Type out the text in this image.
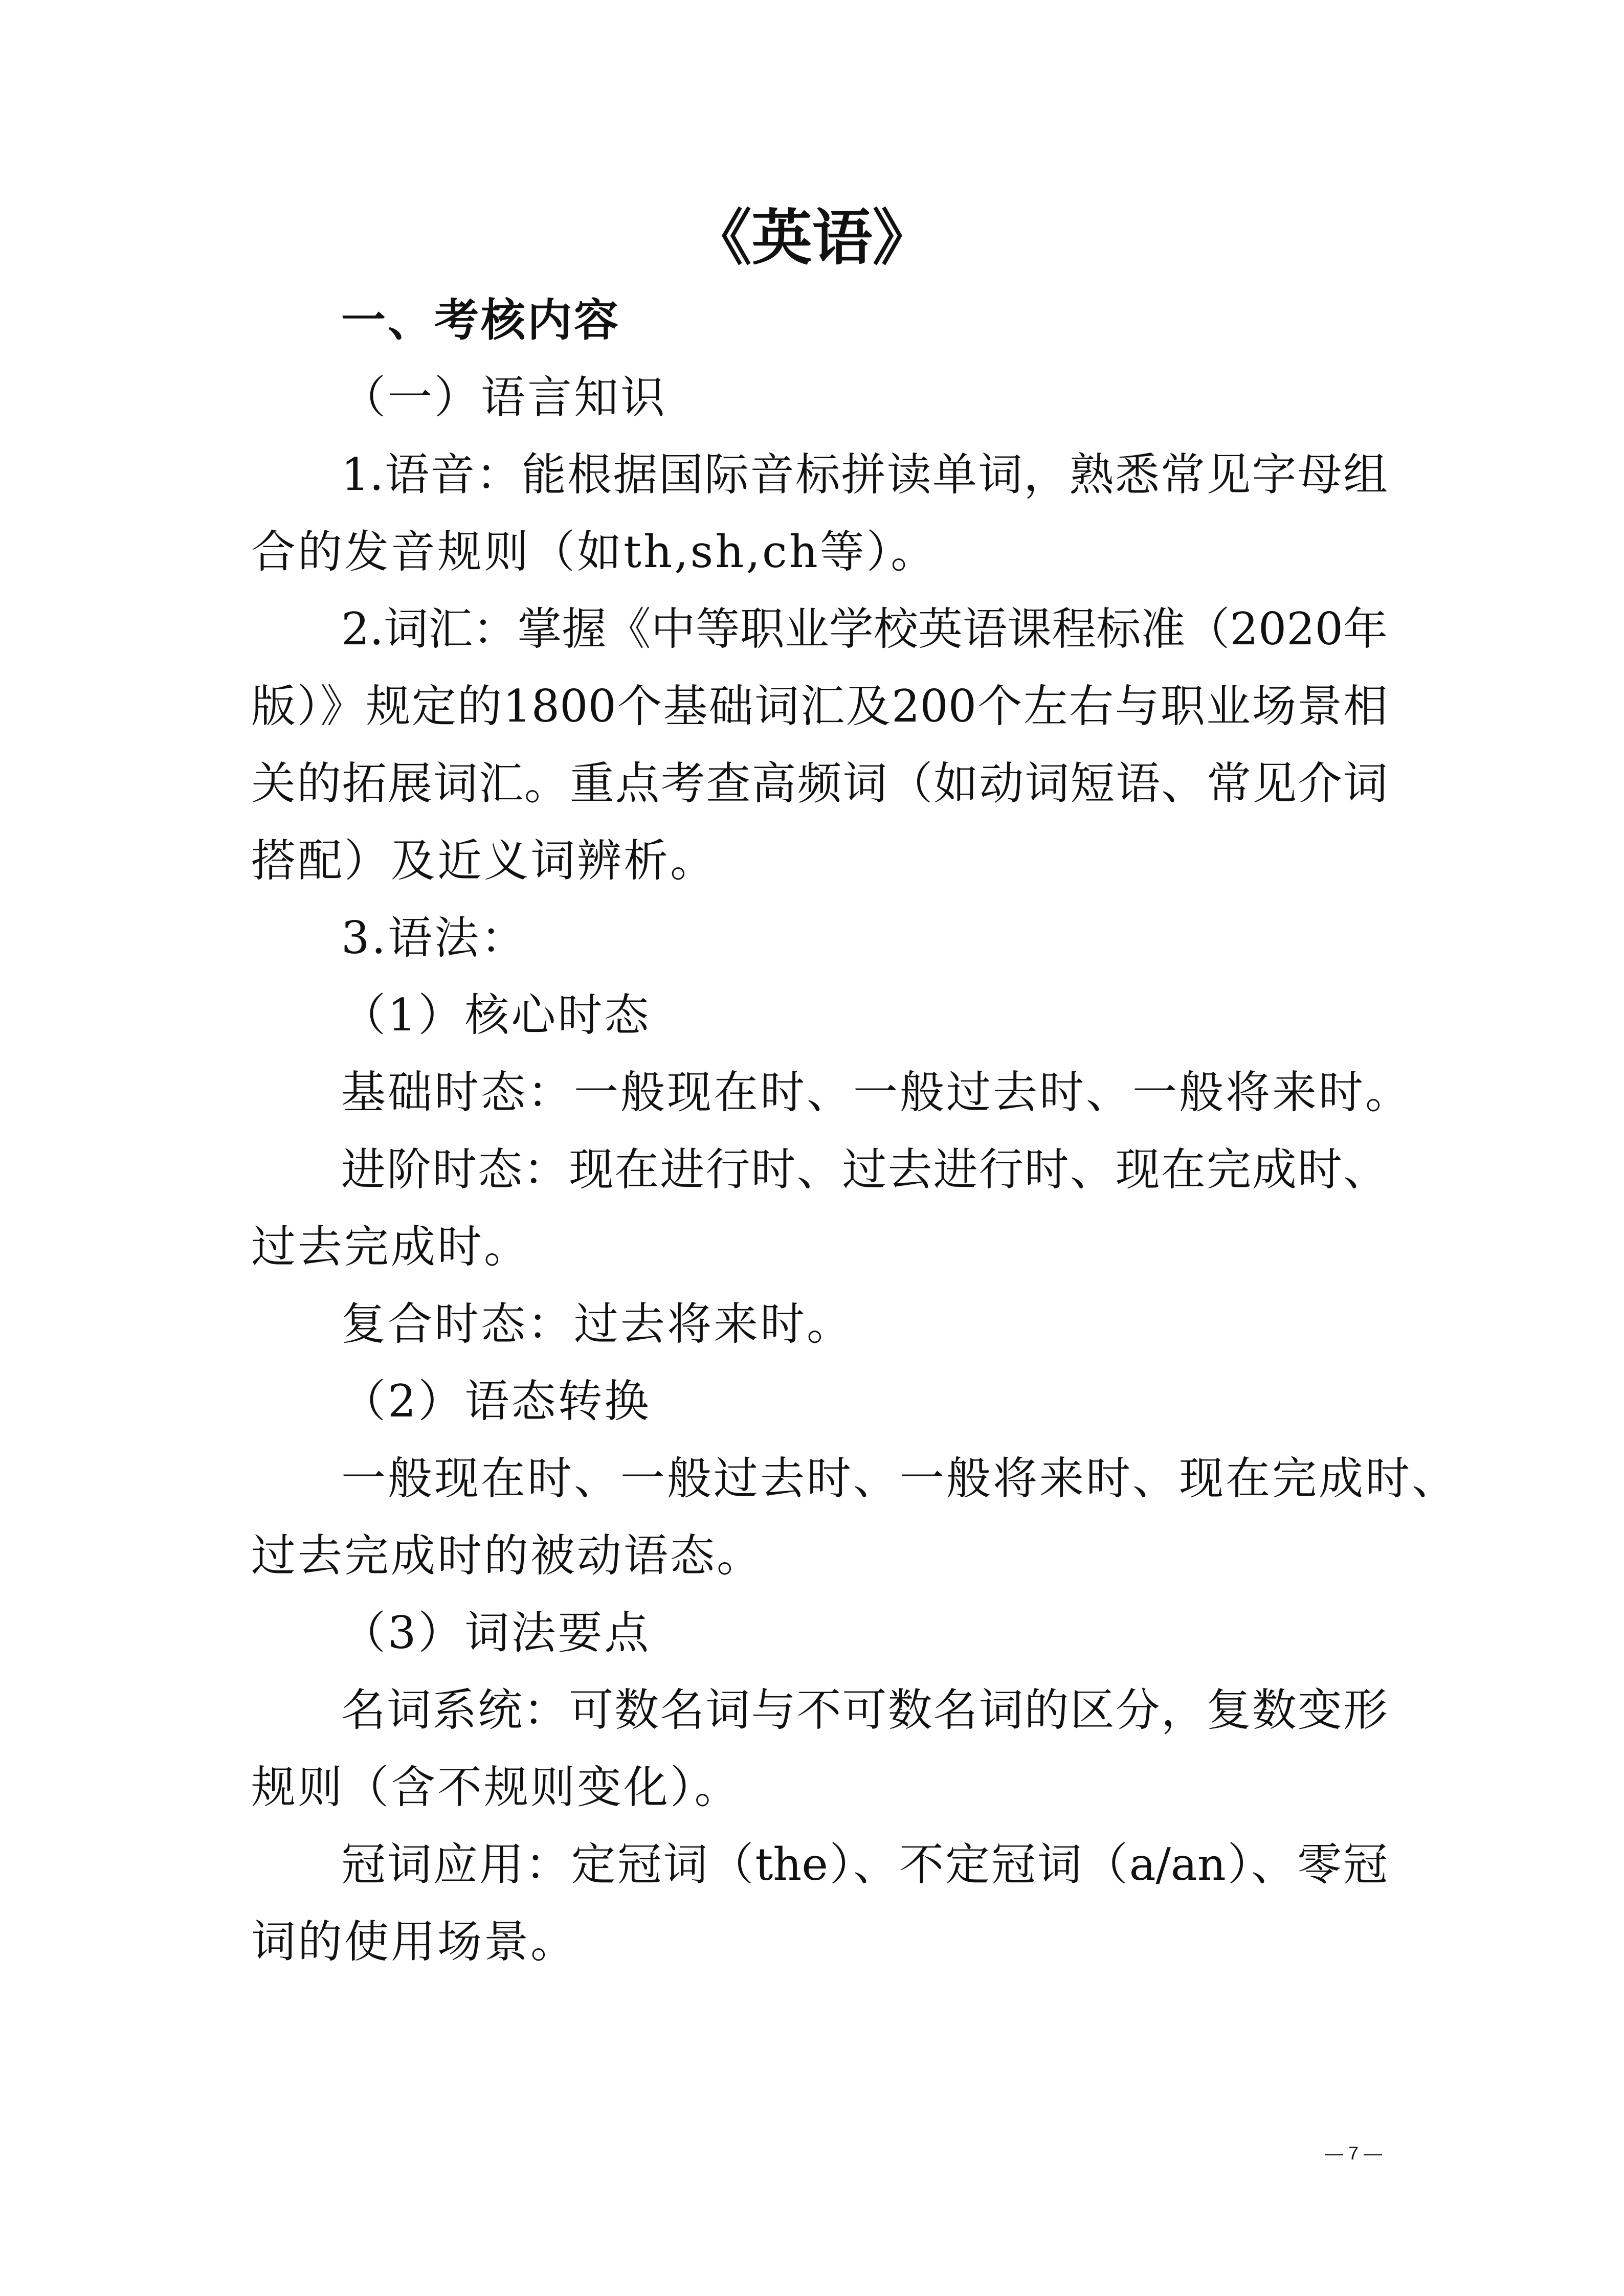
《英语》
一、考核内容
（一）语言知识
1.语音：能根据国际音标拼读单词，熟悉常见字母组
合的发音规则（如th,sh,ch等）。
2.词汇：掌握《中等职业学校英语课程标准（2020年
版）》规定的1800个基础词汇及200个左右与职业场景相
关的拓展词汇。重点考查高频词（如动词短语、常见介词
搭配）及近义词辨析。
3.语法：
（1）核心时态
基础时态：一般现在时、一般过去时、一般将来时。
进阶时态：现在进行时、过去进行时、现在完成时、
过去完成时。
复合时态：过去将来时。
（2）语态转换
一般现在时、一般过去时、一般将来时、现在完成时、
过去完成时的被动语态。
（3）词法要点
名词系统：可数名词与不可数名词的区分，复数变形
规则（含不规则变化）。
冠词应用：定冠词（the）、不定冠词（a/an）、零冠
词的使用场景。
— 7 —
